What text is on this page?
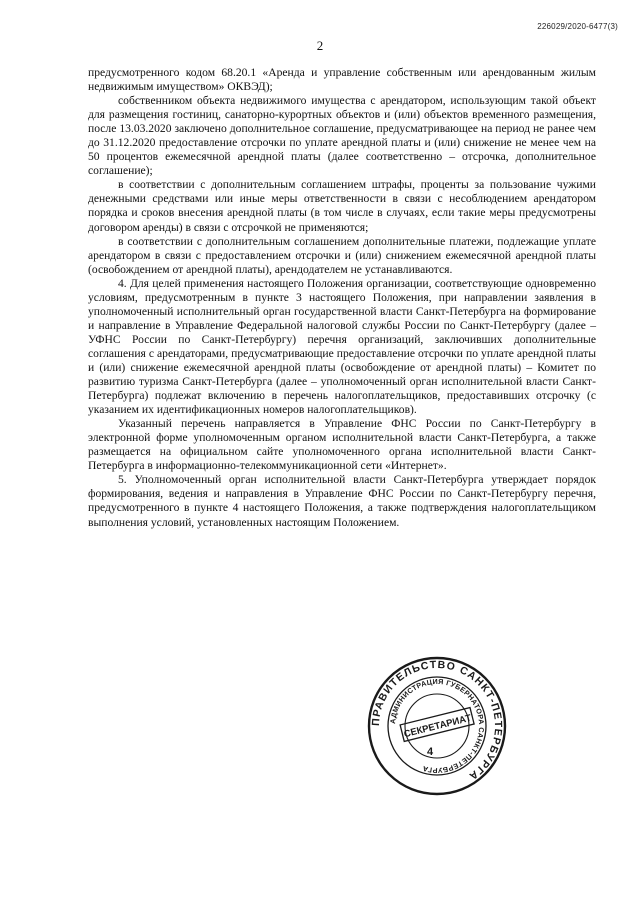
226029/2020-6477(3)
2

предусмотренного кодом 68.20.1 «Аренда и управление собственным или арендованным жилым недвижимым имуществом» ОКВЭД);

собственником объекта недвижимого имущества с арендатором, использующим такой объект для размещения гостиниц, санаторно-курортных объектов и (или) объектов временного размещения, после 13.03.2020 заключено дополнительное соглашение, предусматривающее на период не ранее чем до 31.12.2020 предоставление отсрочки по уплате арендной платы и (или) снижение не менее чем на 50 процентов ежемесячной арендной платы (далее соответственно – отсрочка, дополнительное соглашение);

в соответствии с дополнительным соглашением штрафы, проценты за пользование чужими денежными средствами или иные меры ответственности в связи с несоблюдением арендатором порядка и сроков внесения арендной платы (в том числе в случаях, если такие меры предусмотрены договором аренды) в связи с отсрочкой не применяются;

в соответствии с дополнительным соглашением дополнительные платежи, подлежащие уплате арендатором в связи с предоставлением отсрочки и (или) снижением ежемесячной арендной платы (освобождением от арендной платы), арендодателем не устанавливаются.

4. Для целей применения настоящего Положения организации, соответствующие одновременно условиям, предусмотренным в пункте 3 настоящего Положения, при направлении заявления в уполномоченный исполнительный орган государственной власти Санкт-Петербурга на формирование и направление в Управление Федеральной налоговой службы России по Санкт-Петербургу (далее – УФНС России по Санкт-Петербургу) перечня организаций, заключивших дополнительные соглашения с арендаторами, предусматривающие предоставление отсрочки по уплате арендной платы и (или) снижение ежемесячной арендной платы (освобождение от арендной платы) – Комитет по развитию туризма Санкт-Петербурга (далее – уполномоченный орган исполнительной власти Санкт-Петербурга) подлежат включению в перечень налогоплательщиков, предоставивших отсрочку (с указанием их идентификационных номеров налогоплательщиков).

Указанный перечень направляется в Управление ФНС России по Санкт-Петербургу в электронной форме уполномоченным органом исполнительной власти Санкт-Петербурга, а также размещается на официальном сайте уполномоченного органа исполнительной власти Санкт-Петербурга в информационно-телекоммуникационной сети «Интернет».

5. Уполномоченный орган исполнительной власти Санкт-Петербурга утверждает порядок формирования, ведения и направления в Управление ФНС России по Санкт-Петербургу перечня, предусмотренного в пункте 4 настоящего Положения, а также подтверждения налогоплательщиком выполнения условий, установленных настоящим Положением.

ПРАВИТЕЛЬСТВО САНКТ-ПЕТЕРБУРГА
АДМИНИСТРАЦИЯ ГУБЕРНАТОРА САНКТ-ПЕТЕРБУРГА
СЕКРЕТАРИАТ
4
